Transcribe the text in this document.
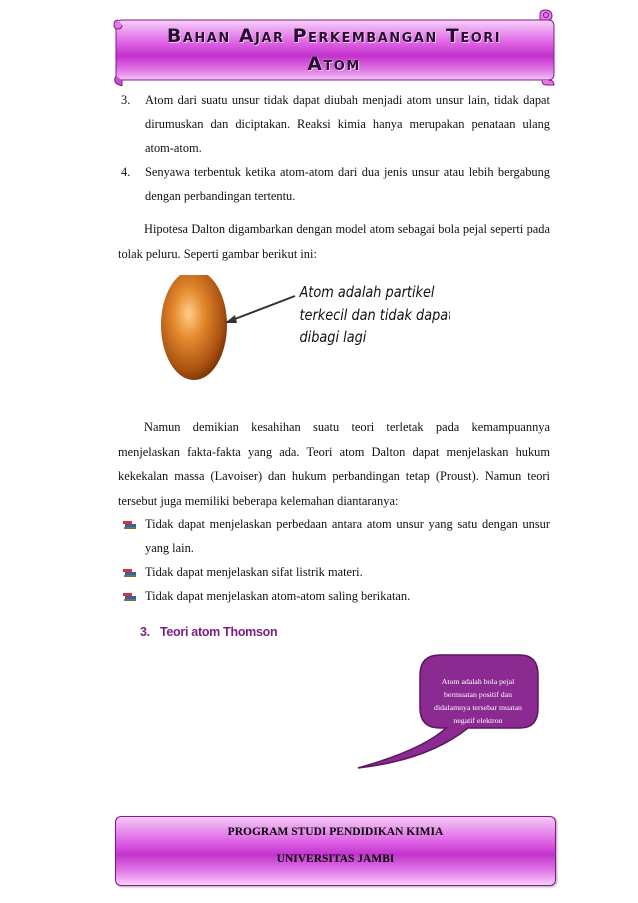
Bahan Ajar Perkembangan Teori
Atom
3. Atom dari suatu unsur tidak dapat diubah menjadi atom unsur lain, tidak dapat dirumuskan dan diciptakan. Reaksi kimia hanya merupakan penataan ulang atom-atom.
4. Senyawa terbentuk ketika atom-atom dari dua jenis unsur atau lebih bergabung dengan perbandingan tertentu.
Hipotesa Dalton digambarkan dengan model atom sebagai bola pejal seperti pada tolak peluru. Seperti gambar berikut ini:
Atom adalah partikel
terkecil dan tidak dapat
dibagi lagi
Namun demikian kesahihan suatu teori terletak pada kemampuannya menjelaskan fakta-fakta yang ada. Teori atom Dalton dapat menjelaskan hukum kekekalan massa (Lavoiser) dan hukum perbandingan tetap (Proust). Namun teori tersebut juga memiliki beberapa kelemahan diantaranya:
Tidak dapat menjelaskan perbedaan antara atom unsur yang satu dengan unsur yang lain.
Tidak dapat menjelaskan sifat listrik materi.
Tidak dapat menjelaskan atom-atom saling berikatan.
3. Teori atom Thomson
Atom adalah bola pejal bermuatan positif dan didalamnya tersebar muatan negatif elektron
PROGRAM STUDI PENDIDIKAN KIMIA
UNIVERSITAS JAMBI
